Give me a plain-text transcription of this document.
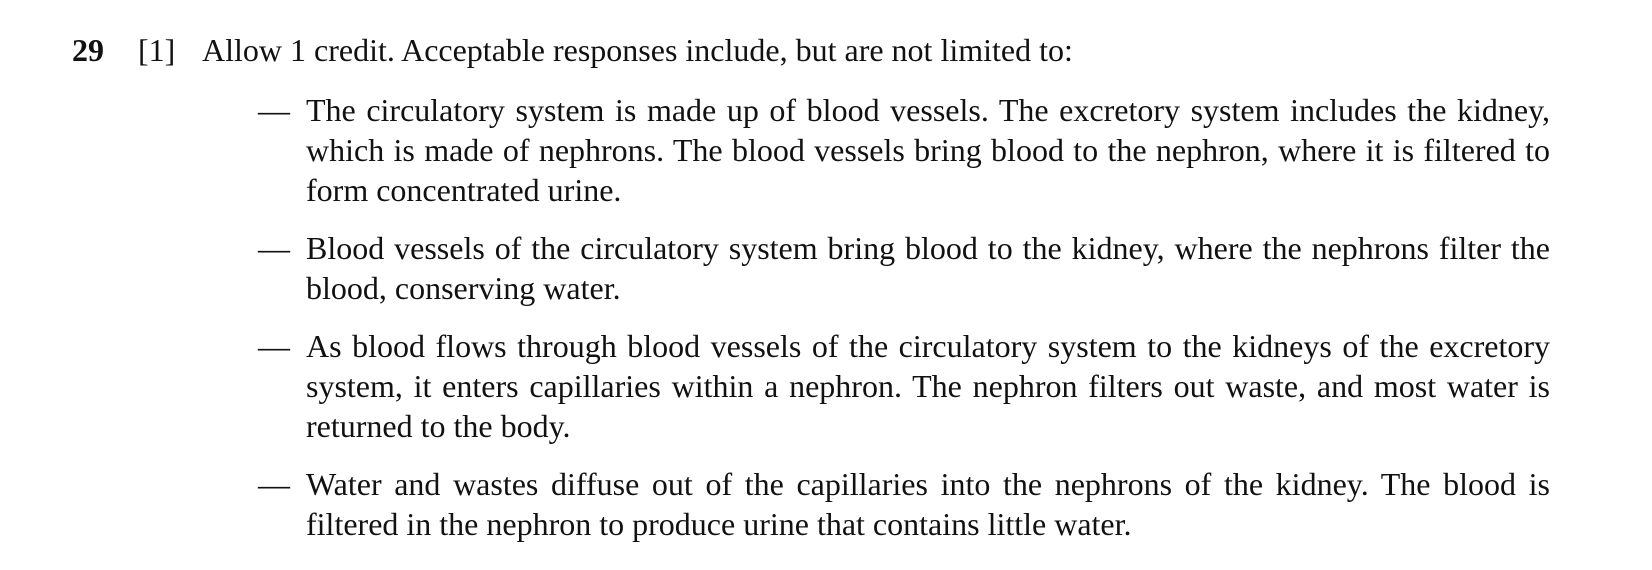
29 [1] Allow 1 credit. Acceptable responses include, but are not limited to:
— The circulatory system is made up of blood vessels. The excretory system includes the kidney, which is made of nephrons. The blood vessels bring blood to the nephron, where it is filtered to form concentrated urine.
— Blood vessels of the circulatory system bring blood to the kidney, where the nephrons filter the blood, conserving water.
— As blood flows through blood vessels of the circulatory system to the kidneys of the excretory system, it enters capillaries within a nephron. The nephron filters out waste, and most water is returned to the body.
— Water and wastes diffuse out of the capillaries into the nephrons of the kidney. The blood is filtered in the nephron to produce urine that contains little water.
